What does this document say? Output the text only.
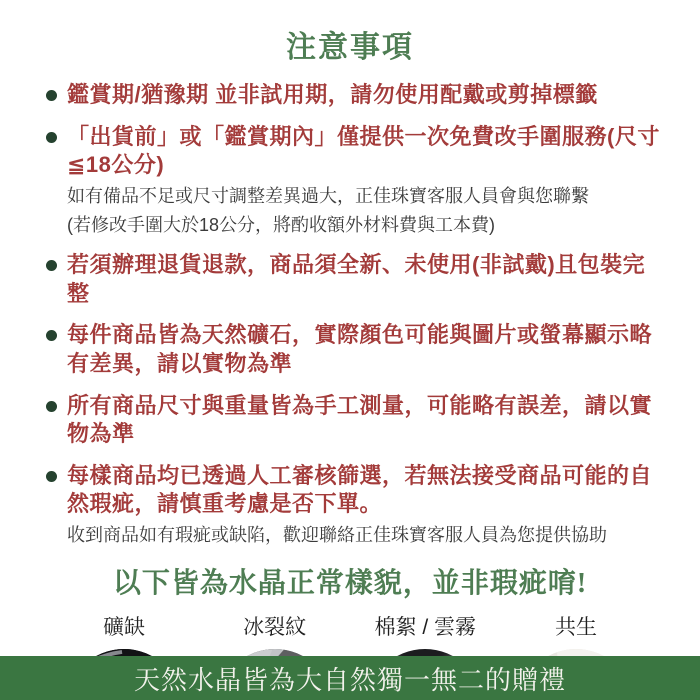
注意事項
鑑賞期/猶豫期 並非試用期，請勿使用配戴或剪掉標籤
「出貨前」或「鑑賞期內」僅提供一次免費改手圍服務(尺寸≦18公分)
如有備品不足或尺寸調整差異過大，正佳珠寶客服人員會與您聯繫
(若修改手圍大於18公分，將酌收額外材料費與工本費)
若須辦理退貨退款，商品須全新、未使用(非試戴)且包裝完整
每件商品皆為天然礦石，實際顏色可能與圖片或螢幕顯示略有差異，請以實物為準
所有商品尺寸與重量皆為手工測量，可能略有誤差，請以實物為準
每樣商品均已透過人工審核篩選，若無法接受商品可能的自然瑕疵，請慎重考慮是否下單。
收到商品如有瑕疵或缺陷，歡迎聯絡正佳珠寶客服人員為您提供協助
以下皆為水晶正常樣貌，並非瑕疵唷!
礦缺	冰裂紋	棉絮 / 雲霧	共生
天然水晶皆為大自然獨一無二的贈禮
